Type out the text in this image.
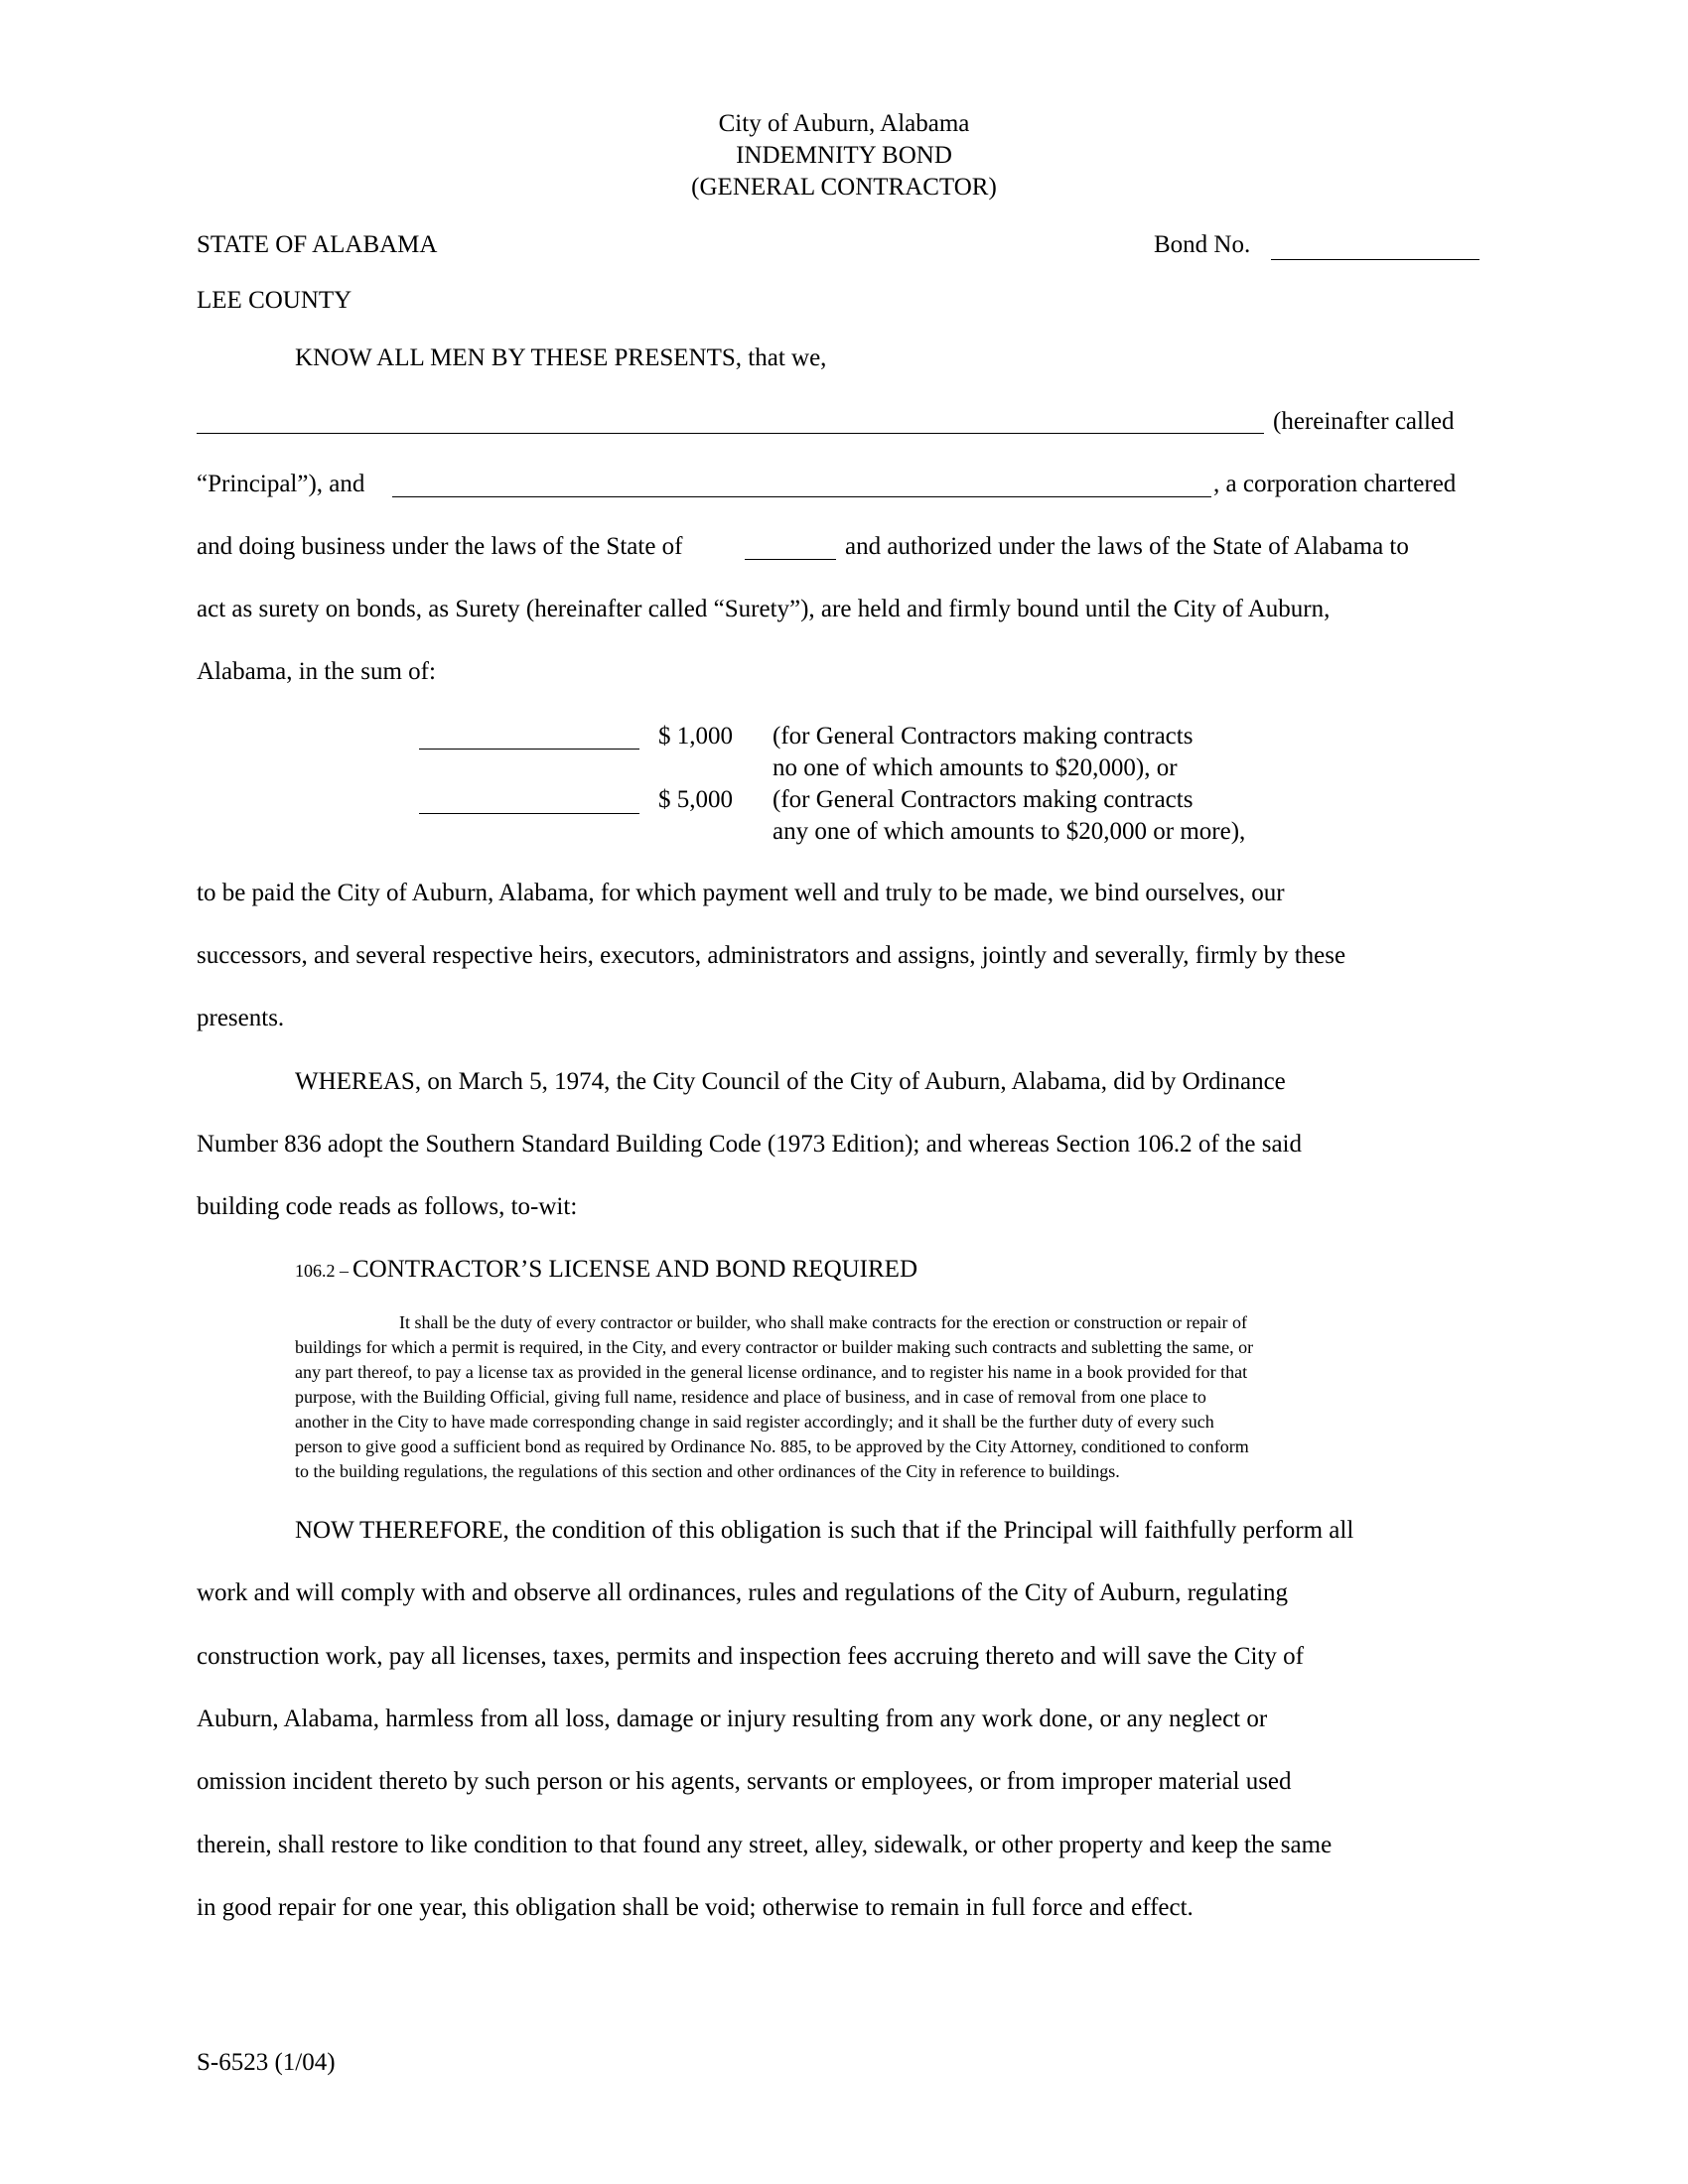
City of Auburn, Alabama
INDEMNITY BOND
(GENERAL CONTRACTOR)
STATE OF ALABAMA	Bond No.
LEE COUNTY
KNOW ALL MEN BY THESE PRESENTS, that we,
(hereinafter called
“Principal”), and	, a corporation chartered
and doing business under the laws of the State of	and authorized under the laws of the State of Alabama to
act as surety on bonds, as Surety (hereinafter called “Surety”), are held and firmly bound until the City of Auburn,
Alabama, in the sum of:
$ 1,000 (for General Contractors making contracts
no one of which amounts to $20,000), or
$ 5,000 (for General Contractors making contracts
any one of which amounts to $20,000 or more),
to be paid the City of Auburn, Alabama, for which payment well and truly to be made, we bind ourselves, our
successors, and several respective heirs, executors, administrators and assigns, jointly and severally, firmly by these
presents.
WHEREAS, on March 5, 1974, the City Council of the City of Auburn, Alabama, did by Ordinance
Number 836 adopt the Southern Standard Building Code (1973 Edition); and whereas Section 106.2 of the said
building code reads as follows, to-wit:
106.2 – CONTRACTOR’S LICENSE AND BOND REQUIRED
It shall be the duty of every contractor or builder, who shall make contracts for the erection or construction or repair of
buildings for which a permit is required, in the City, and every contractor or builder making such contracts and subletting the same, or
any part thereof, to pay a license tax as provided in the general license ordinance, and to register his name in a book provided for that
purpose, with the Building Official, giving full name, residence and place of business, and in case of removal from one place to
another in the City to have made corresponding change in said register accordingly; and it shall be the further duty of every such
person to give good a sufficient bond as required by Ordinance No. 885, to be approved by the City Attorney, conditioned to conform
to the building regulations, the regulations of this section and other ordinances of the City in reference to buildings.
NOW THEREFORE, the condition of this obligation is such that if the Principal will faithfully perform all
work and will comply with and observe all ordinances, rules and regulations of the City of Auburn, regulating
construction work, pay all licenses, taxes, permits and inspection fees accruing thereto and will save the City of
Auburn, Alabama, harmless from all loss, damage or injury resulting from any work done, or any neglect or
omission incident thereto by such person or his agents, servants or employees, or from improper material used
therein, shall restore to like condition to that found any street, alley, sidewalk, or other property and keep the same
in good repair for one year, this obligation shall be void; otherwise to remain in full force and effect.
S-6523 (1/04)
